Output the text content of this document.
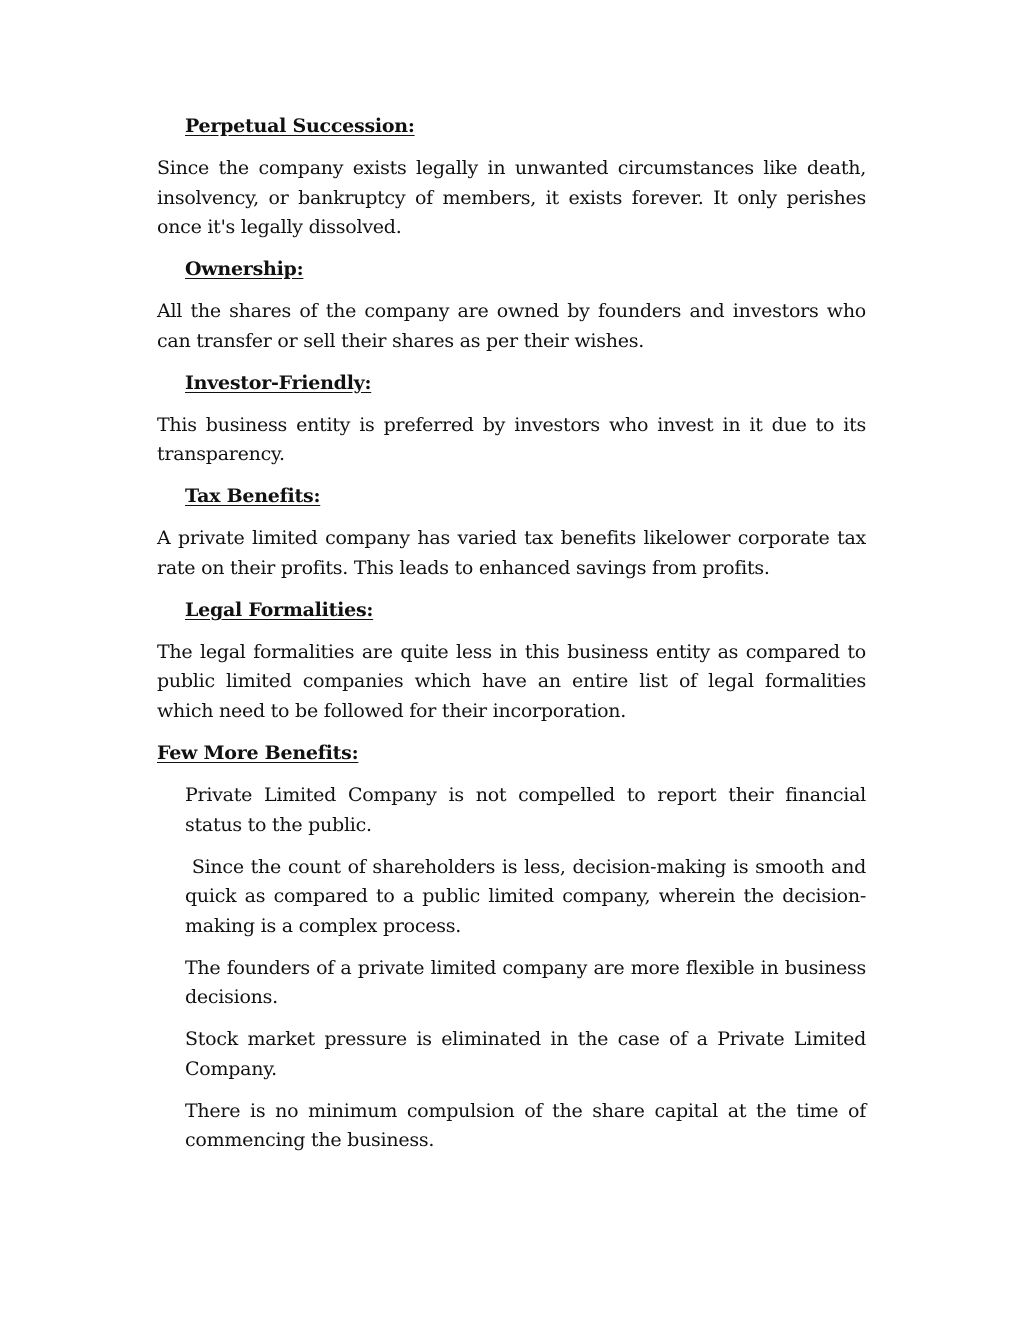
Perpetual Succession:
Since the company exists legally in unwanted circumstances like death, insolvency, or bankruptcy of members, it exists forever. It only perishes once it's legally dissolved.
Ownership:
All the shares of the company are owned by founders and investors who can transfer or sell their shares as per their wishes.
Investor-Friendly:
This business entity is preferred by investors who invest in it due to its transparency.
Tax Benefits:
A private limited company has varied tax benefits likelower corporate tax rate on their profits. This leads to enhanced savings from profits.
Legal Formalities:
The legal formalities are quite less in this business entity as compared to public limited companies which have an entire list of legal formalities which need to be followed for their incorporation.
Few More Benefits:
Private Limited Company is not compelled to report their financial status to the public.
Since the count of shareholders is less, decision-making is smooth and quick as compared to a public limited company, wherein the decision-making is a complex process.
The founders of a private limited company are more flexible in business decisions.
Stock market pressure is eliminated in the case of a Private Limited Company.
There is no minimum compulsion of the share capital at the time of commencing the business.
